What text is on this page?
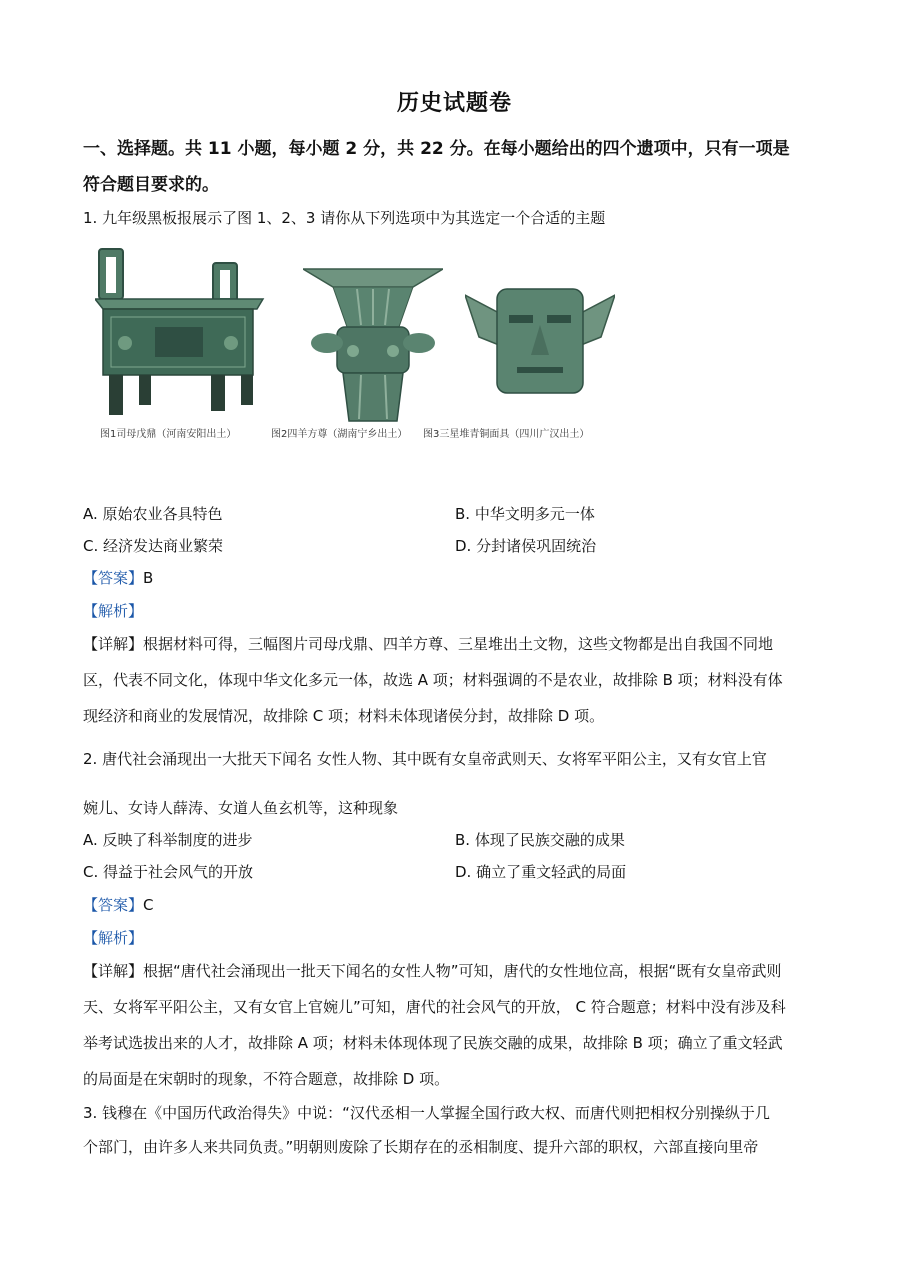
历史试题卷
一、选择题。共 11 小题，每小题 2 分，共 22 分。在每小题给出的四个遗项中，只有一项是
符合题目要求的。
1. 九年级黑板报展示了图 1、2、3 请你从下列选项中为其选定一个合适的主题
图1司母戊鼎（河南安阳出土）	图2四羊方尊（湖南宁乡出土） 图3三星堆青铜面具（四川广汉出土）
A. 原始农业各具特色	B. 中华文明多元一体
C. 经济发达商业繁荣	D. 分封诸侯巩固统治
【答案】B
【解析】
【详解】根据材料可得，三幅图片司母戊鼎、四羊方尊、三星堆出土文物，这些文物都是出自我国不同地
区，代表不同文化，体现中华文化多元一体，故选 A 项；材料强调的不是农业，故排除 B 项；材料没有体
现经济和商业的发展情况，故排除 C 项；材料未体现诸侯分封，故排除 D 项。
2. 唐代社会涌现出一大批天下闻名 女性人物、其中既有女皇帝武则天、女将军平阳公主，又有女官上官
婉儿、女诗人薛涛、女道人鱼玄机等，这种现象
A. 反映了科举制度的进步	B. 体现了民族交融的成果
C. 得益于社会风气的开放	D. 确立了重文轻武的局面
【答案】C
【解析】
【详解】根据“唐代社会涌现出一批天下闻名的女性人物”可知，唐代的女性地位高，根据“既有女皇帝武则
天、女将军平阳公主，又有女官上官婉儿”可知，唐代的社会风气的开放， C 符合题意；材料中没有涉及科
举考试选拔出来的人才，故排除 A 项；材料未体现体现了民族交融的成果，故排除 B 项；确立了重文轻武
的局面是在宋朝时的现象，不符合题意，故排除 D 项。
3. 钱穆在《中国历代政治得失》中说：“汉代丞相一人掌握全国行政大权、而唐代则把相权分别操纵于几
个部门，由许多人来共同负责。”明朝则废除了长期存在的丞相制度、提升六部的职权，六部直接向里帝
